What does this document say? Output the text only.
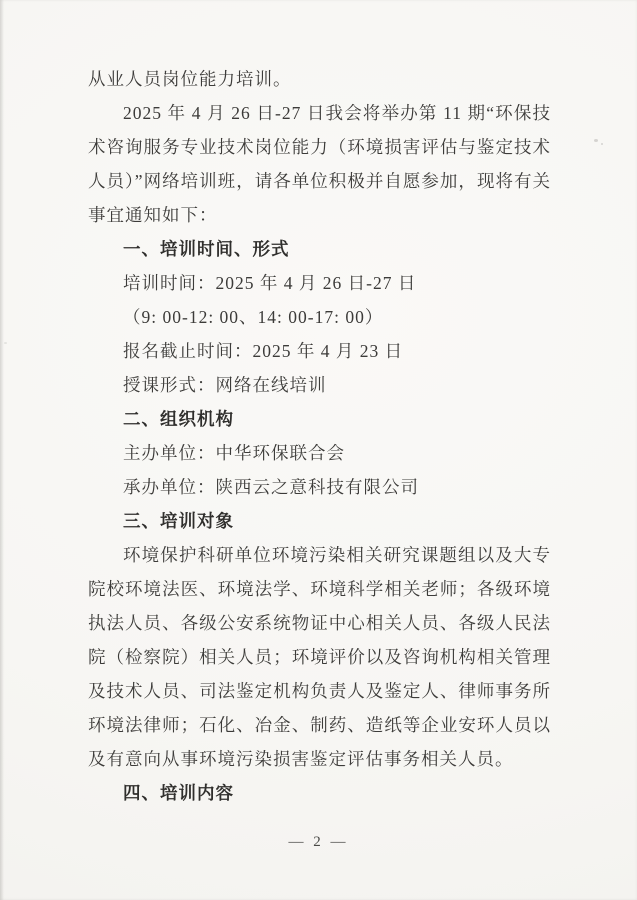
从业人员岗位能力培训。

2025 年 4 月 26 日-27 日我会将举办第 11 期“环保技术咨询服务专业技术岗位能力（环境损害评估与鉴定技术人员）”网络培训班，请各单位积极并自愿参加，现将有关事宜通知如下：

一、培训时间、形式

培训时间：2025 年 4 月 26 日-27 日

（9: 00-12: 00、14: 00-17: 00）

报名截止时间：2025 年 4 月 23 日

授课形式：网络在线培训

二、组织机构

主办单位：中华环保联合会

承办单位：陕西云之意科技有限公司

三、培训对象

环境保护科研单位环境污染相关研究课题组以及大专院校环境法医、环境法学、环境科学相关老师；各级环境执法人员、各级公安系统物证中心相关人员、各级人民法院（检察院）相关人员；环境评价以及咨询机构相关管理及技术人员、司法鉴定机构负责人及鉴定人、律师事务所环境法律师；石化、冶金、制药、造纸等企业安环人员以及有意向从事环境污染损害鉴定评估事务相关人员。

四、培训内容

— 2 —
